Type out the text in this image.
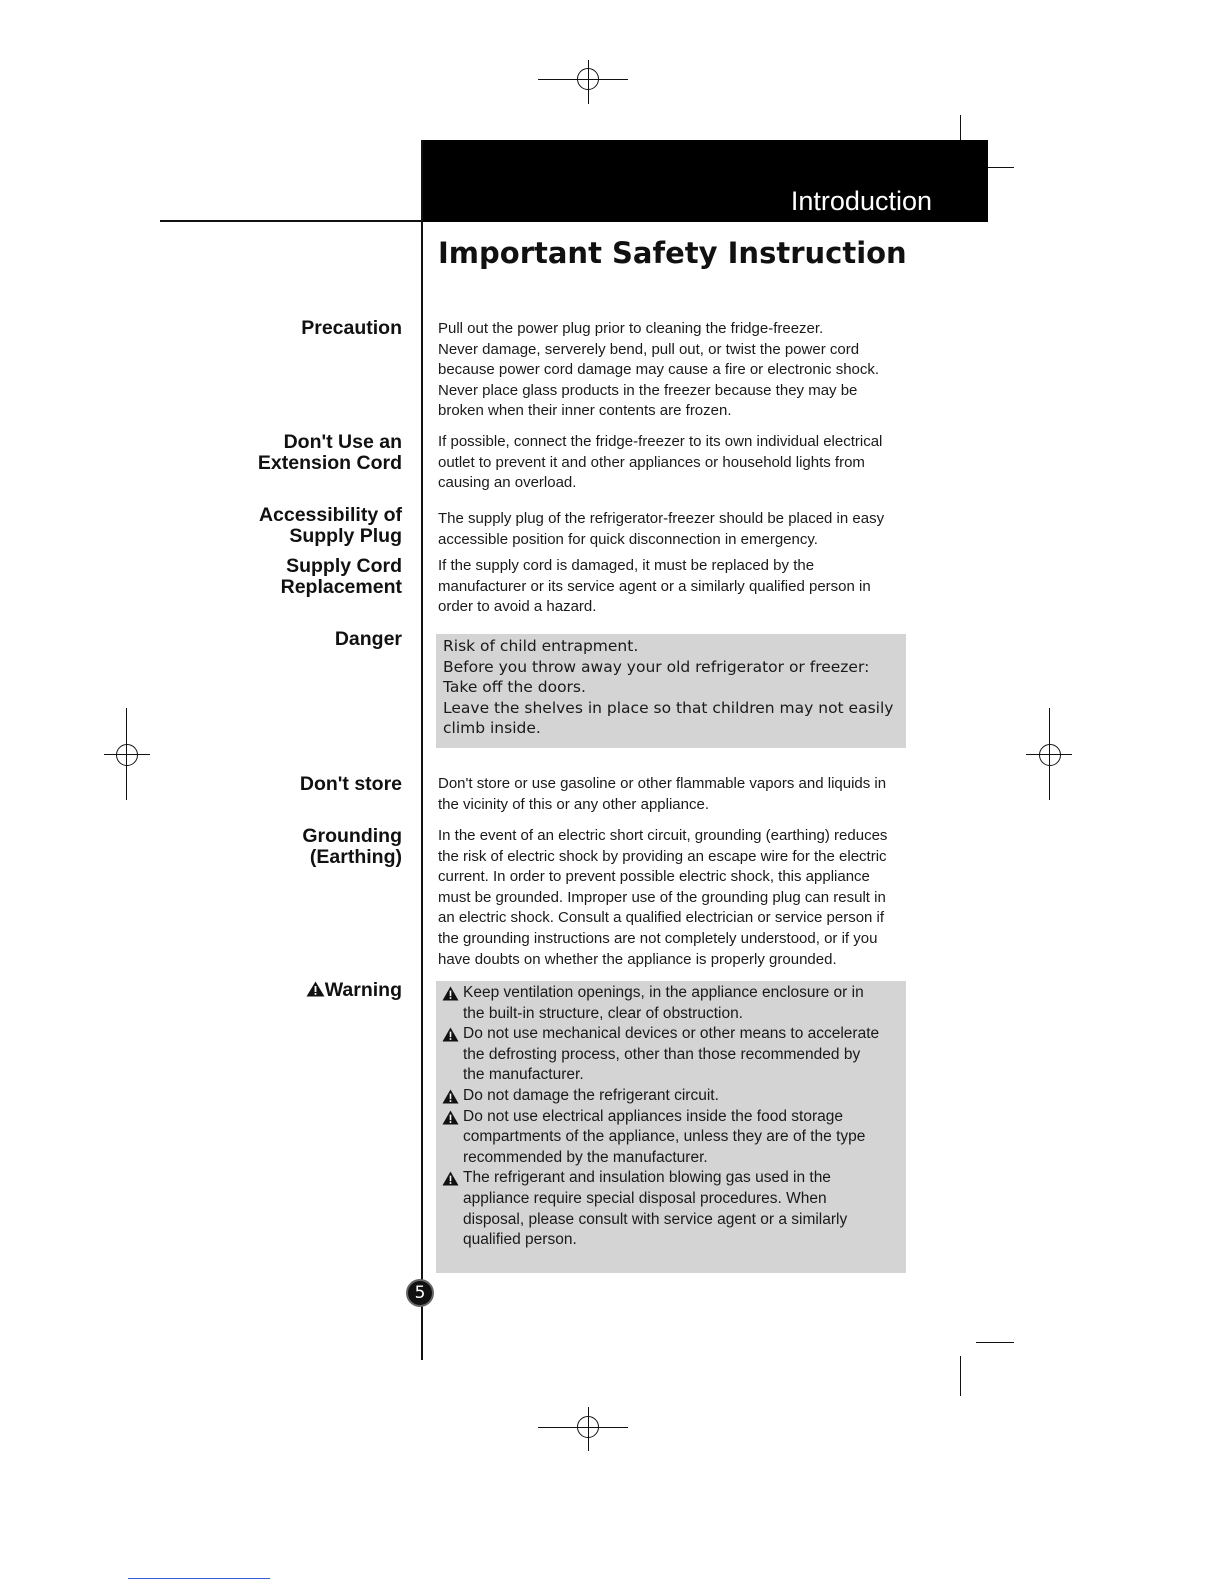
Introduction
Important Safety Instruction
Precaution Pull out the power plug prior to cleaning the fridge-freezer.
Never damage, serverely bend, pull out, or twist the power cord
because power cord damage may cause a fire or electronic shock.
Never place glass products in the freezer because they may be
broken when their inner contents are frozen.
Don't Use an
Extension Cord
If possible, connect the fridge-freezer to its own individual electrical
outlet to prevent it and other appliances or household lights from
causing an overload.
Accessibility of
Supply Plug
The supply plug of the refrigerator-freezer should be placed in easy
accessible position for quick disconnection in emergency.
Supply Cord
Replacement
If the supply cord is damaged, it must be replaced by the
manufacturer or its service agent or a similarly qualified person in
order to avoid a hazard.
Danger	Risk of child entrapment.
Before you throw away your old refrigerator or freezer:
Take off the doors.
Leave the shelves in place so that children may not easily
climb inside.
Don't store Don't store or use gasoline or other flammable vapors and liquids in
the vicinity of this or any other appliance.
Grounding
(Earthing)
In the event of an electric short circuit, grounding (earthing) reduces
the risk of electric shock by providing an escape wire for the electric
current. In order to prevent possible electric shock, this appliance
must be grounded. Improper use of the grounding plug can result in
an electric shock. Consult a qualified electrician or service person if
the grounding instructions are not completely understood, or if you
have doubts on whether the appliance is properly grounded.
Warning	Keep ventilation openings, in the appliance enclosure or in
the built-in structure, clear of obstruction.
Do not use mechanical devices or other means to accelerate
the defrosting process, other than those recommended by
the manufacturer.
Do not damage the refrigerant circuit.
Do not use electrical appliances inside the food storage
compartments of the appliance, unless they are of the type
recommended by the manufacturer.
The refrigerant and insulation blowing gas used in the
appliance require special disposal procedures. When
disposal, please consult with service agent or a similarly
qualified person.
5
